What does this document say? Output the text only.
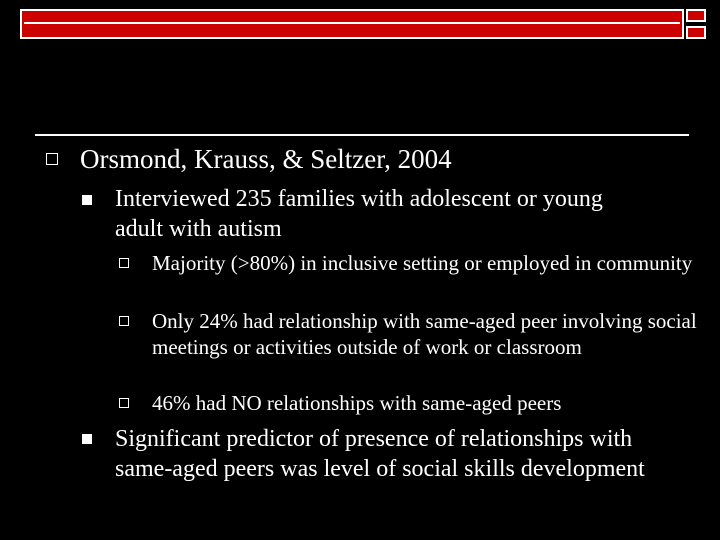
Orsmond, Krauss, & Seltzer, 2004
Interviewed 235 families with adolescent or young adult with autism
Majority (>80%) in inclusive setting or employed in community
Only 24% had relationship with same-aged peer involving social meetings or activities outside of work or classroom
46% had NO relationships with same-aged peers
Significant predictor of presence of relationships with same-aged peers was level of social skills development
